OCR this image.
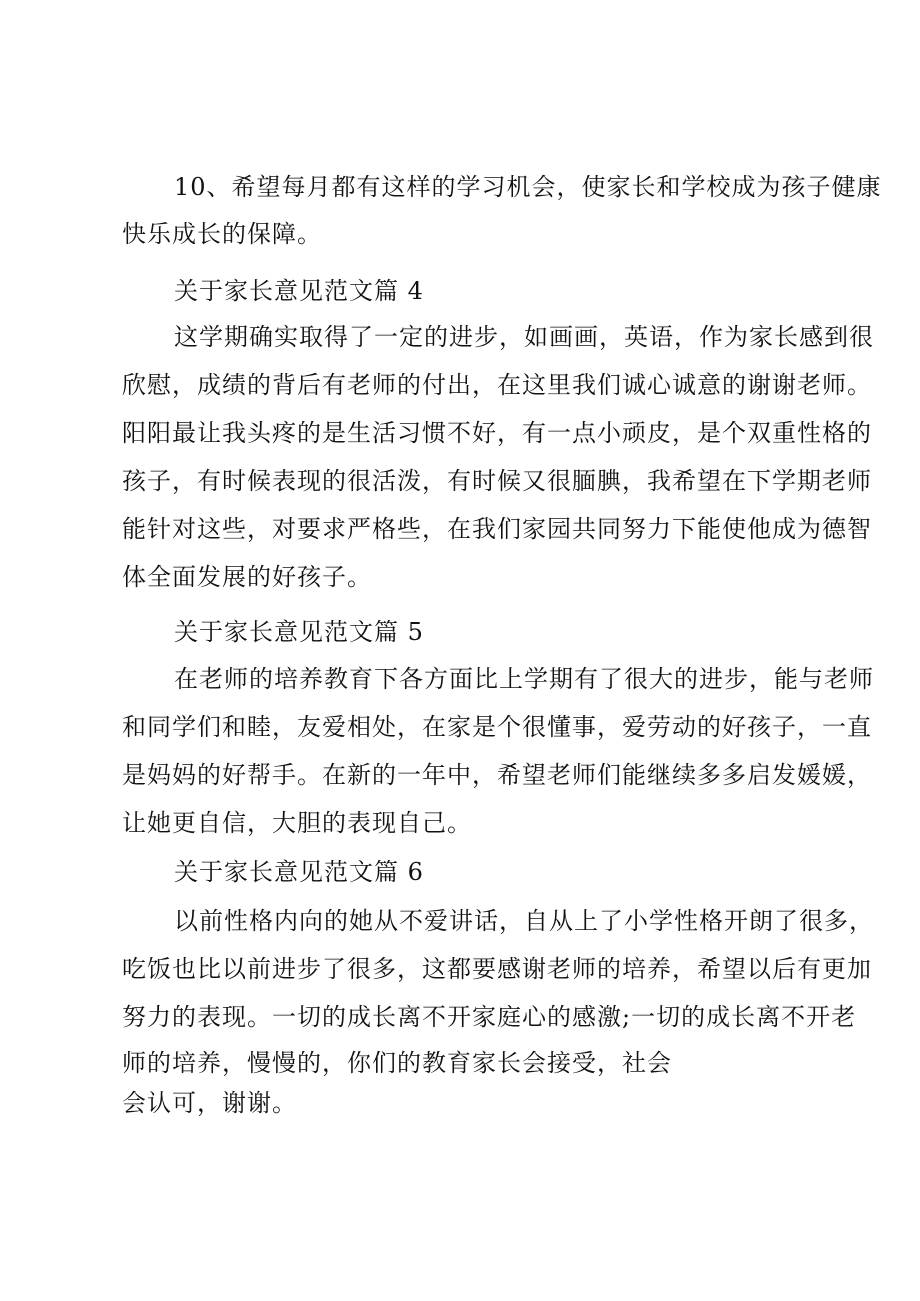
10、希望每月都有这样的学习机会，使家长和学校成为孩子健康
快乐成长的保障。
关于家长意见范文篇 4
这学期确实取得了一定的进步，如画画，英语，作为家长感到很
欣慰，成绩的背后有老师的付出，在这里我们诚心诚意的谢谢老师。
阳阳最让我头疼的是生活习惯不好，有一点小顽皮，是个双重性格的
孩子，有时候表现的很活泼，有时候又很腼腆，我希望在下学期老师
能针对这些，对要求严格些，在我们家园共同努力下能使他成为德智
体全面发展的好孩子。
关于家长意见范文篇 5
在老师的培养教育下各方面比上学期有了很大的进步，能与老师
和同学们和睦，友爱相处，在家是个很懂事，爱劳动的好孩子，一直
是妈妈的好帮手。在新的一年中，希望老师们能继续多多启发媛媛，
让她更自信，大胆的表现自己。
关于家长意见范文篇 6
以前性格内向的她从不爱讲话，自从上了小学性格开朗了很多，
吃饭也比以前进步了很多，这都要感谢老师的培养，希望以后有更加
努力的表现。一切的成长离不开家庭心的感激;一切的成长离不开老
师的培养，慢慢的，你们的教育家长会接受，社会
会认可，谢谢。
